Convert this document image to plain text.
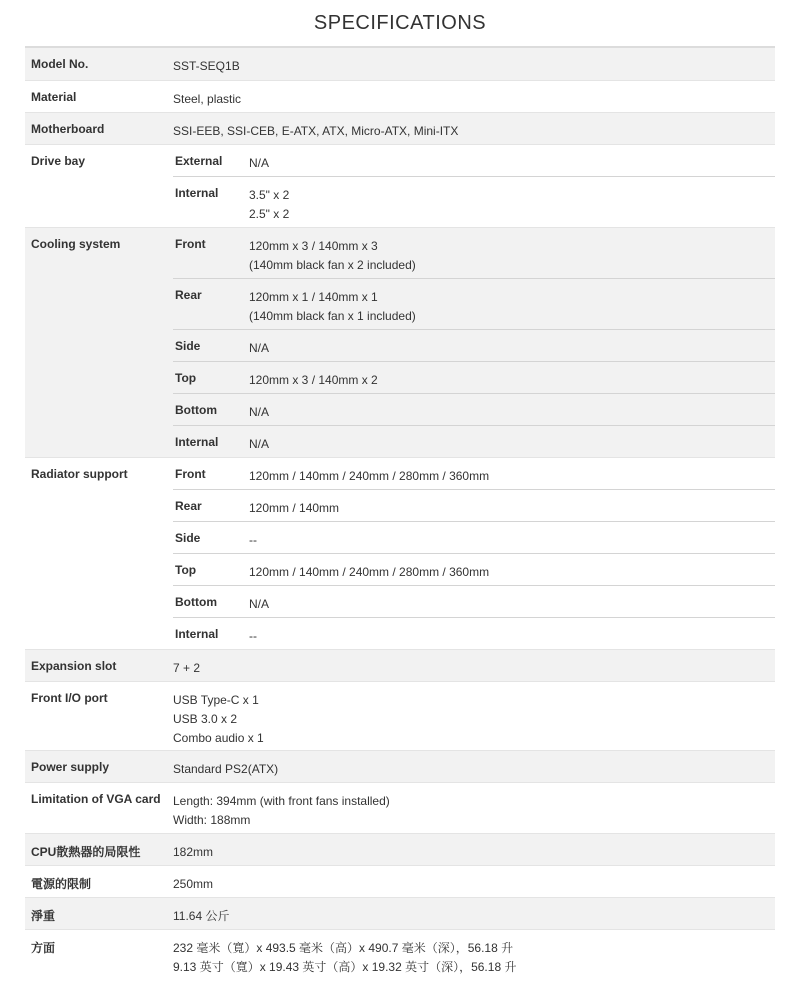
SPECIFICATIONS
Model No.	SST-SEQ1B
Material	Steel, plastic
Motherboard	SSI-EEB, SSI-CEB, E-ATX, ATX, Micro-ATX, Mini-ITX
Drive bay	External	N/A
Internal	3.5" x 2
2.5" x 2
Cooling system	Front	120mm x 3 / 140mm x 3
(140mm black fan x 2 included)
Rear	120mm x 1 / 140mm x 1
(140mm black fan x 1 included)
Side	N/A
Top	120mm x 3 / 140mm x 2
Bottom	N/A
Internal	N/A
Radiator support	Front	120mm / 140mm / 240mm / 280mm / 360mm
Rear	120mm / 140mm
Side	--
Top	120mm / 140mm / 240mm / 280mm / 360mm
Bottom	N/A
Internal	--
Expansion slot	7 + 2
Front I/O port	USB Type-C x 1
USB 3.0 x 2
Combo audio x 1
Power supply	Standard PS2(ATX)
Limitation of VGA card	Length: 394mm (with front fans installed)
Width: 188mm
CPU散熱器的局限性	182mm
電源的限制	250mm
淨重	11.64 公斤
方面	232 毫米（寬）x 493.5 毫米（高）x 490.7 毫米（深），56.18 升
9.13 英寸（寬）x 19.43 英寸（高）x 19.32 英寸（深），56.18 升
